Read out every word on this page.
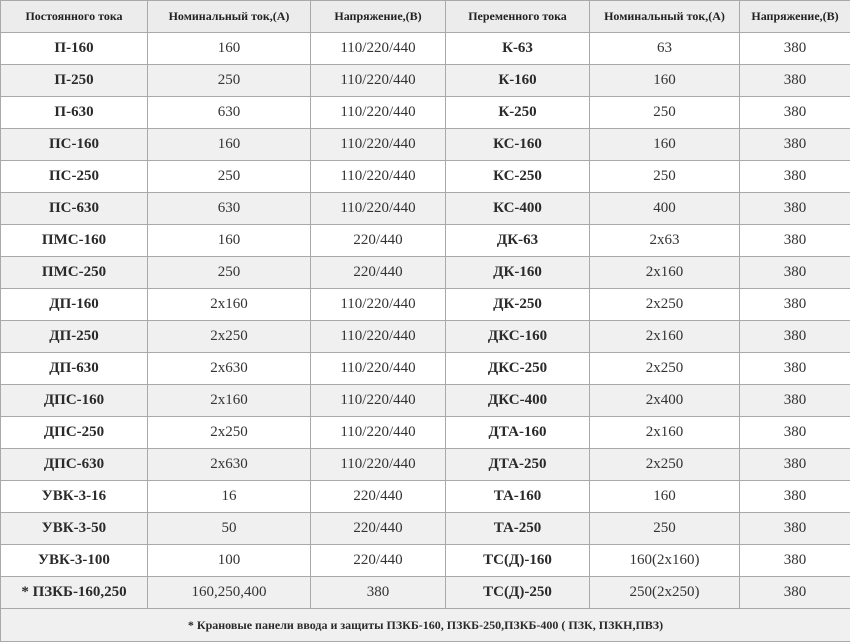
Постоянного тока	Номинальный ток,(А)	Напряжение,(В)	Переменного тока	Номинальный ток,(А)	Напряжение,(В)
П-160	160	110/220/440	К-63	63	380
П-250	250	110/220/440	К-160	160	380
П-630	630	110/220/440	К-250	250	380
ПС-160	160	110/220/440	КС-160	160	380
ПС-250	250	110/220/440	КС-250	250	380
ПС-630	630	110/220/440	КС-400	400	380
ПМС-160	160	220/440	ДК-63	2х63	380
ПМС-250	250	220/440	ДК-160	2х160	380
ДП-160	2х160	110/220/440	ДК-250	2х250	380
ДП-250	2х250	110/220/440	ДКС-160	2х160	380
ДП-630	2х630	110/220/440	ДКС-250	2х250	380
ДПС-160	2х160	110/220/440	ДКС-400	2х400	380
ДПС-250	2х250	110/220/440	ДТА-160	2х160	380
ДПС-630	2х630	110/220/440	ДТА-250	2х250	380
УВК-3-16	16	220/440	ТА-160	160	380
УВК-3-50	50	220/440	ТА-250	250	380
УВК-3-100	100	220/440	ТС(Д)-160	160(2х160)	380
* ПЗКБ-160,250	160,250,400	380	ТС(Д)-250	250(2х250)	380
* Крановые панели ввода и защиты ПЗКБ-160, ПЗКБ-250,ПЗКБ-400 ( ПЗК, ПЗКН,ПВЗ)					
